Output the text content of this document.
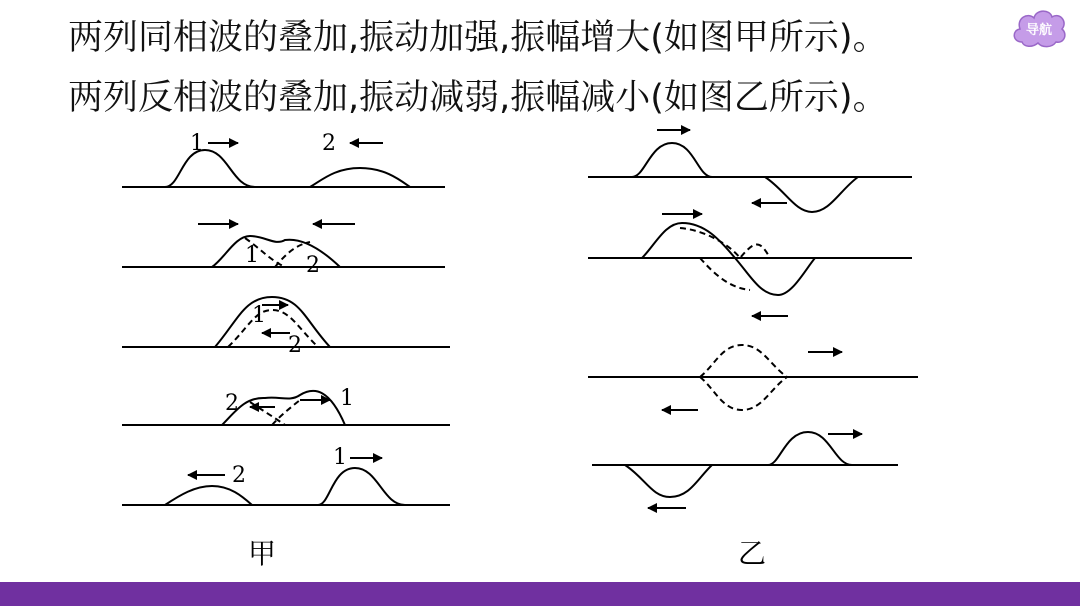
两列同相波的叠加,振动加强,振幅增大(如图甲所示)。

两列反相波的叠加,振动减弱,振幅减小(如图乙所示)。

导航
1	2
1 2
1
2
2	1
2
1
甲	乙
